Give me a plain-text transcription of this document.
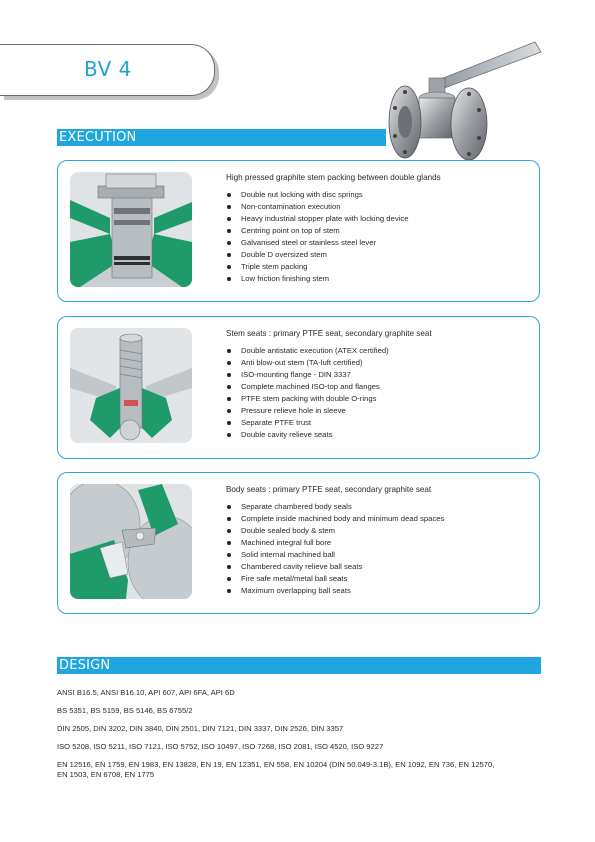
BV 4
EXECUTION

High pressed graphite stem packing between double glands

Double nut locking with disc springs
Non-contamination execution
Heavy industrial stopper plate with locking device
Centring point on top of stem
Galvanised steel or stainless steel lever
Double D oversized stem
Triple stem packing
Low friction finishing stem

Stem seats : primary PTFE seat, secondary graphite seat

Double antistatic execution (ATEX certified)
Anti blow-out stem (TA-luft certified)
ISO-mounting flange - DIN 3337
Complete machined ISO-top and flanges
PTFE stem packing with double O-rings
Pressure relieve hole in sleeve
Separate PTFE trust
Double cavity relieve seats

Body seats : primary PTFE seat, secondary graphite seat

Separate chambered body seals
Complete inside machined body and minimum dead spaces
Double sealed body & stem
Machined integral full bore
Solid internal machined ball
Chambered cavity relieve ball seats
Fire safe metal/metal ball seats
Maximum overlapping ball seats
DESIGN
ANSI B16.5, ANSI B16.10, API 607, API 6FA, API 6D
BS 5351, BS 5159, BS 5146, BS 6755/2
DIN 2505, DIN 3202, DIN 3840, DIN 2501, DIN 7121, DIN 3337, DIN 2526, DIN 3357
ISO 5208, ISO 5211, ISO 7121, ISO 5752, ISO 10497, ISO 7268, ISO 2081, ISO 4520, ISO 9227
EN 12516, EN 1759, EN 1983, EN 13828, EN 19, EN 12351, EN 558, EN 10204 (DIN 50.049-3.1B), EN 1092, EN 736, EN 12570,
EN 1503, EN 6708, EN 1775
